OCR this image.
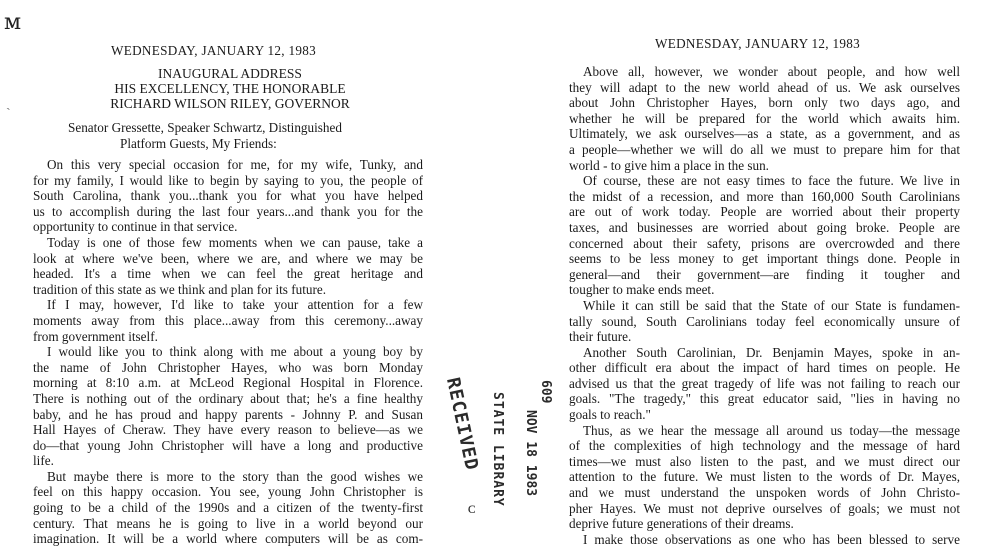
ᴍ
ˏ
WEDNESDAY, JANUARY 12, 1983
INAUGURAL ADDRESS
HIS EXCELLENCY, THE HONORABLE
RICHARD WILSON RILEY, GOVERNOR
Senator Gressette, Speaker Schwartz, Distinguished
Platform Guests, My Friends:
On this very special occasion for me, for my wife, Tunky, and
for my family, I would like to begin by saying to you, the people of
South Carolina, thank you...thank you for what you have helped
us to accomplish during the last four years...and thank you for the
opportunity to continue in that service.
Today is one of those few moments when we can pause, take a
look at where we've been, where we are, and where we may be
headed. It's a time when we can feel the great heritage and
tradition of this state as we think and plan for its future.
If I may, however, I'd like to take your attention for a few
moments away from this place...away from this ceremony...away
from government itself.
I would like you to think along with me about a young boy by
the name of John Christopher Hayes, who was born Monday
morning at 8:10 a.m. at McLeod Regional Hospital in Florence.
There is nothing out of the ordinary about that; he's a fine healthy
baby, and he has proud and happy parents - Johnny P. and Susan
Hall Hayes of Cheraw. They have every reason to believe—as we
do—that young John Christopher will have a long and productive
life.
But maybe there is more to the story than the good wishes we
feel on this happy occasion. You see, young John Christopher is
going to be a child of the 1990s and a citizen of the twenty-first
century. That means he is going to live in a world beyond our
imagination. It will be a world where computers will be as com-
RECEIVED STATE LIBRARY NOV 18 1983
609
ᴄ
WEDNESDAY, JANUARY 12, 1983
Above all, however, we wonder about people, and how well
they will adapt to the new world ahead of us. We ask ourselves
about John Christopher Hayes, born only two days ago, and
whether he will be prepared for the world which awaits him.
Ultimately, we ask ourselves—as a state, as a government, and as
a people—whether we will do all we must to prepare him for that
world - to give him a place in the sun.
Of course, these are not easy times to face the future. We live in
the midst of a recession, and more than 160,000 South Carolinians
are out of work today. People are worried about their property
taxes, and businesses are worried about going broke. People are
concerned about their safety, prisons are overcrowded and there
seems to be less money to get important things done. People in
general—and their government—are finding it tougher and
tougher to make ends meet.
While it can still be said that the State of our State is fundamen-
tally sound, South Carolinians today feel economically unsure of
their future.
Another South Carolinian, Dr. Benjamin Mayes, spoke in an-
other difficult era about the impact of hard times on people. He
advised us that the great tragedy of life was not failing to reach our
goals. "The tragedy," this great educator said, "lies in having no
goals to reach."
Thus, as we hear the message all around us today—the message
of the complexities of high technology and the message of hard
times—we must also listen to the past, and we must direct our
attention to the future. We must listen to the words of Dr. Mayes,
and we must understand the unspoken words of John Christo-
pher Hayes. We must not deprive ourselves of goals; we must not
deprive future generations of their dreams.
I make those observations as one who has been blessed to serve
